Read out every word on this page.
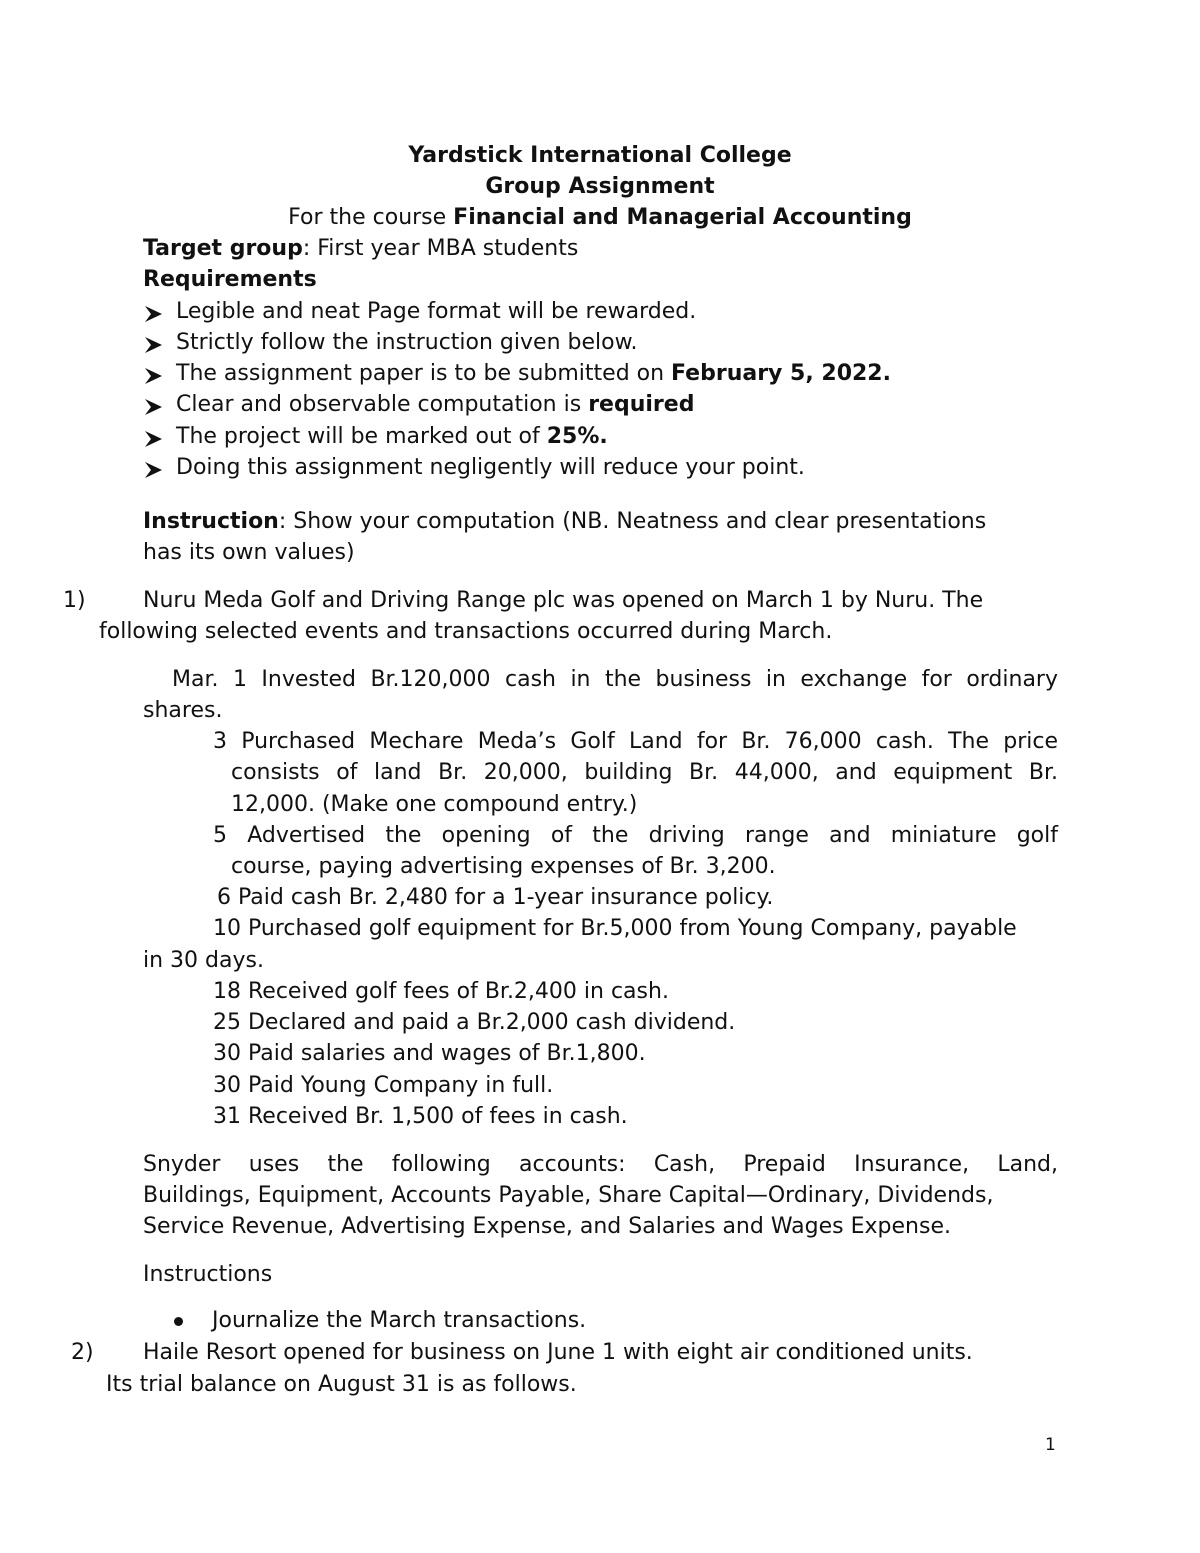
Yardstick International College
Group Assignment
For the course Financial and Managerial Accounting
Target group: First year MBA students
Requirements
Legible and neat Page format will be rewarded.
Strictly follow the instruction given below.
The assignment paper is to be submitted on February 5, 2022.
Clear and observable computation is required
The project will be marked out of 25%.
Doing this assignment negligently will reduce your point.
Instruction: Show your computation (NB. Neatness and clear presentations
has its own values)
1)	Nuru Meda Golf and Driving Range plc was opened on March 1 by Nuru. The
following selected events and transactions occurred during March.
Mar. 1 Invested Br.120,000 cash in the business in exchange for ordinary
shares.
3 Purchased Mechare Meda’s Golf Land for Br. 76,000 cash. The price
consists of land Br. 20,000, building Br. 44,000, and equipment Br.
12,000. (Make one compound entry.)
5 Advertised the opening of the driving range and miniature golf
course, paying advertising expenses of Br. 3,200.
6 Paid cash Br. 2,480 for a 1-year insurance policy.
10 Purchased golf equipment for Br.5,000 from Young Company, payable
in 30 days.
18 Received golf fees of Br.2,400 in cash.
25 Declared and paid a Br.2,000 cash dividend.
30 Paid salaries and wages of Br.1,800.
30 Paid Young Company in full.
31 Received Br. 1,500 of fees in cash.
Snyder uses the following accounts: Cash, Prepaid Insurance, Land,
Buildings, Equipment, Accounts Payable, Share Capital—Ordinary, Dividends,
Service Revenue, Advertising Expense, and Salaries and Wages Expense.
Instructions
Journalize the March transactions.
2) Haile Resort opened for business on June 1 with eight air conditioned units.
Its trial balance on August 31 is as follows.
1
